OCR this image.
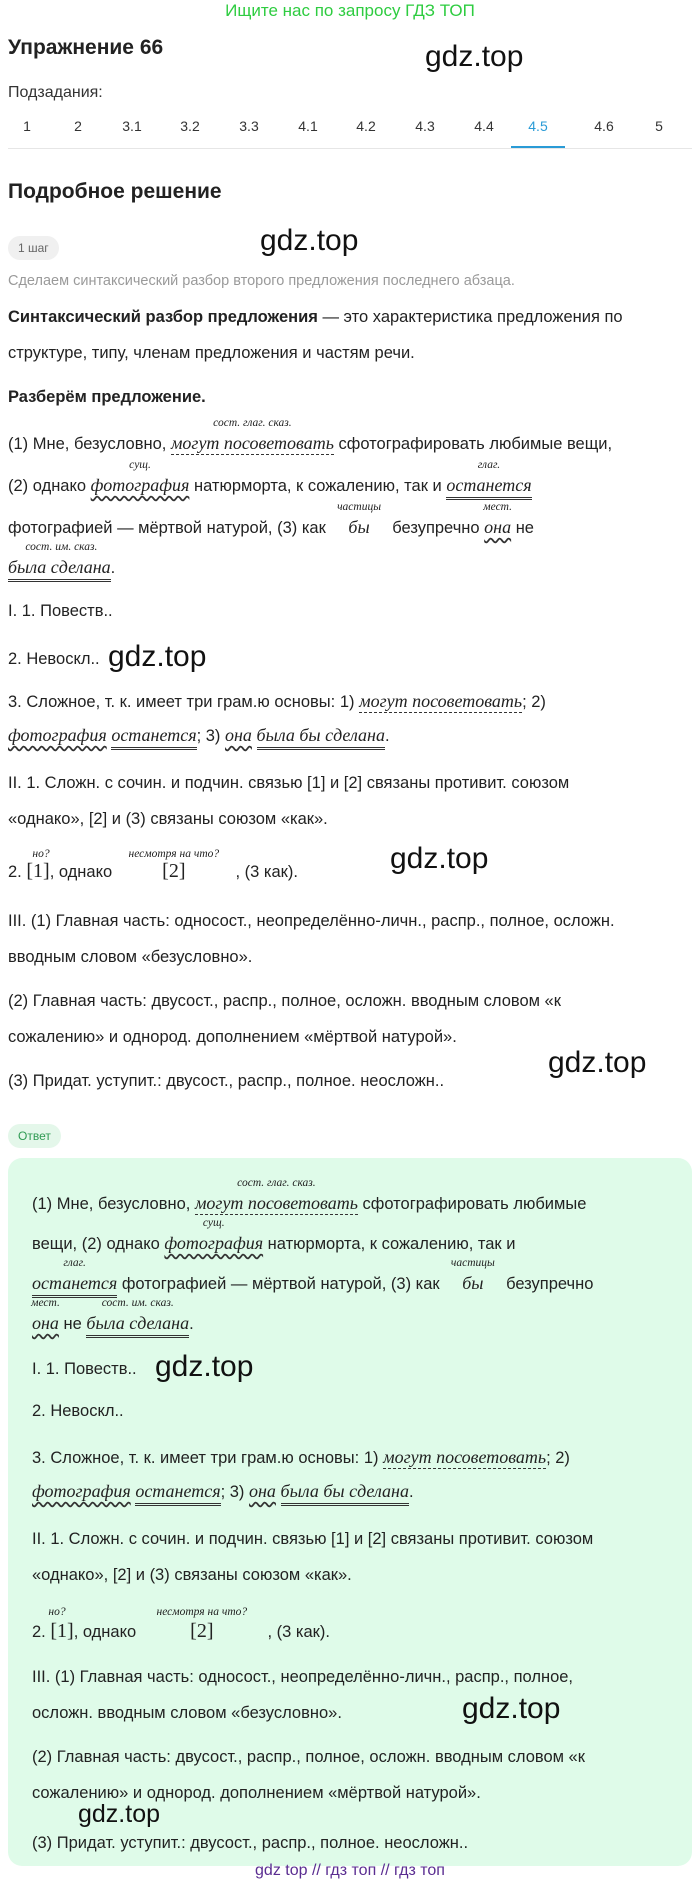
Ищите нас по запросу ГДЗ ТОП
gdz.top
Упражнение 66
Подзадания:
1	2	3.1	3.2	3.3	4.1	4.2	4.3	4.4	4.5	4.6	5
Подробное решение
1 шаг	gdz.top
Сделаем синтаксический разбор второго предложения последнего абзаца.
Синтаксический разбор предложения — это характеристика предложения по
структуре, типу, членам предложения и частям речи.
Разберём предложение.
(1) Мне, безусловно,
сост. глаг. сказ.
могут посоветовать сфотографировать любимые вещи,
(2) однако
сущ.
фотография натюрморта, к сожалению, так и
глаг.
останется
фотографией — мёртвой натурой, (3) как
частицы
бы безупречно
мест.
она не
сост. им. сказ.
была сделана.
I. 1. Повеств..
2. Невоскл.. gdz.top
3. Сложное, т. к. имеет три грам.ю основы: 1) могут посоветовать; 2)
фотография останется; 3) она была бы сделана.
II. 1. Сложн. с сочин. и подчин. связью [1] и [2] связаны противит. союзом
«однако», [2] и (3) связаны союзом «как».
2.
но?
[1], однако
несмотря на что?
[2]	, (3 как).	gdz.top
III. (1) Главная часть: односост., неопределённо-личн., распр., полное, осложн.
вводным словом «безусловно».
(2) Главная часть: двусост., распр., полное, осложн. вводным словом «к
сожалению» и однород. дополнением «мёртвой натурой».
(3) Придат. уступит.: двусост., распр., полное. неосложн..
gdz.top
Ответ
(1) Мне, безусловно,
сост. глаг. сказ.
могут посоветовать сфотографировать любимые
вещи, (2) однако
сущ.
фотография натюрморта, к сожалению, так и
глаг.
останется фотографией — мёртвой натурой, (3) как
частицы
бы безупречно
мест.
она не
сост. им. сказ.
была сделана.
I. 1. Повеств.. gdz.top
2. Невоскл..
3. Сложное, т. к. имеет три грам.ю основы: 1) могут посоветовать; 2)
фотография останется; 3) она была бы сделана.
II. 1. Сложн. с сочин. и подчин. связью [1] и [2] связаны противит. союзом
«однако», [2] и (3) связаны союзом «как».
2.
но?
[1], однако
несмотря на что?
[2]	, (3 как).
III. (1) Главная часть: односост., неопределённо-личн., распр., полное,
осложн. вводным словом «безусловно».	gdz.top
(2) Главная часть: двусост., распр., полное, осложн. вводным словом «к
сожалению» и однород. дополнением «мёртвой натурой».
gdz.top
(3) Придат. уступит.: двусост., распр., полное. неосложн..
gdz top // гдз топ // гдз топ
